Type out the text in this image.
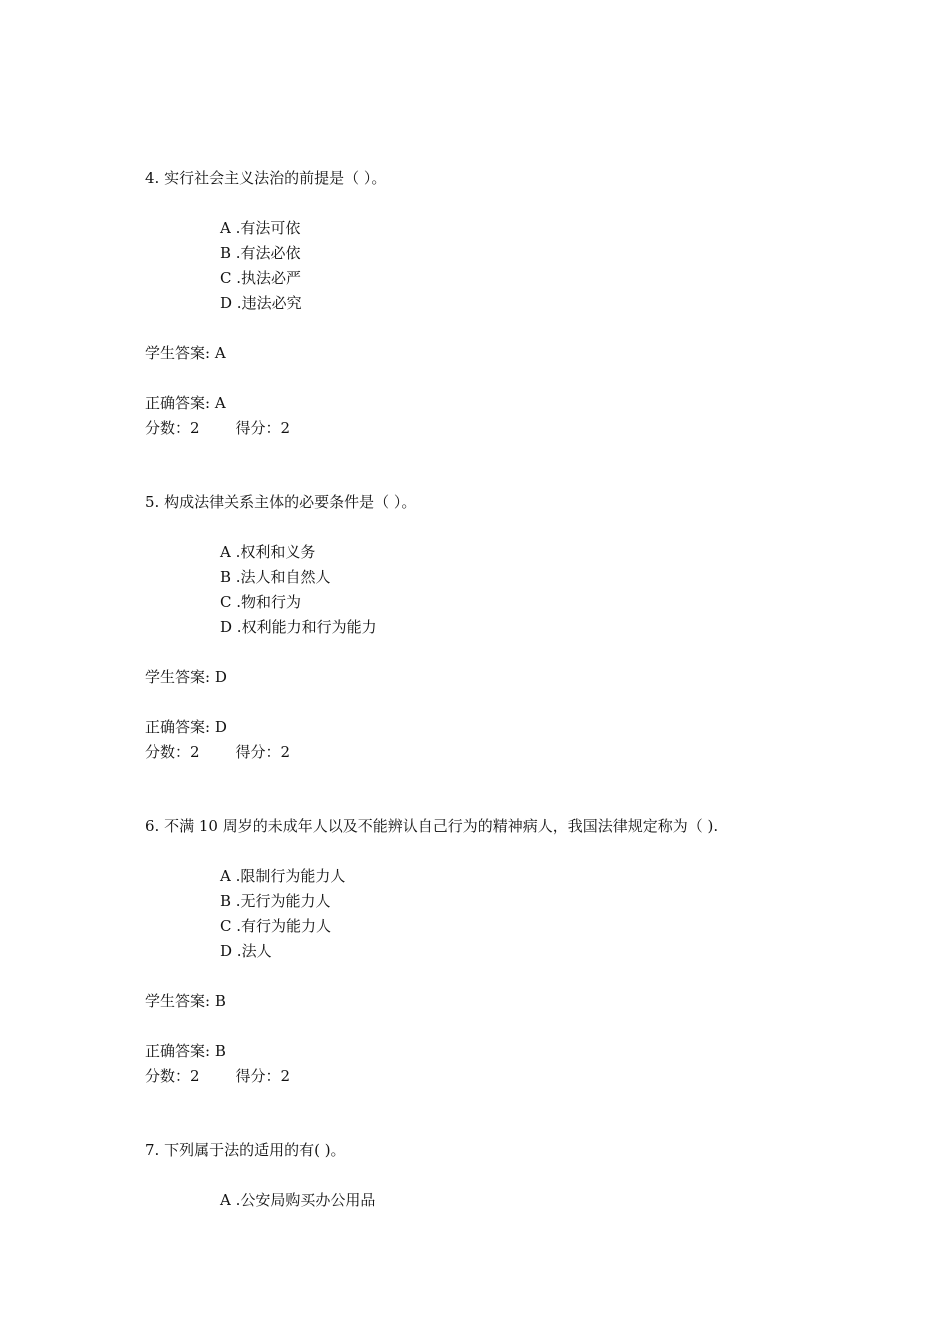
4. 实行社会主义法治的前提是（ ）。
A .有法可依
B .有法必依
C .执法必严
D .违法必究
学生答案: A
正确答案: A
分数：2 得分：2
5. 构成法律关系主体的必要条件是（ ）。
A .权利和义务
B .法人和自然人
C .物和行为
D .权利能力和行为能力
学生答案: D
正确答案: D
分数：2 得分：2
6. 不满 10 周岁的未成年人以及不能辨认自己行为的精神病人，我国法律规定称为（ ).
A .限制行为能力人
B .无行为能力人
C .有行为能力人
D .法人
学生答案: B
正确答案: B
分数：2 得分：2
7. 下列属于法的适用的有( )。
A .公安局购买办公用品
